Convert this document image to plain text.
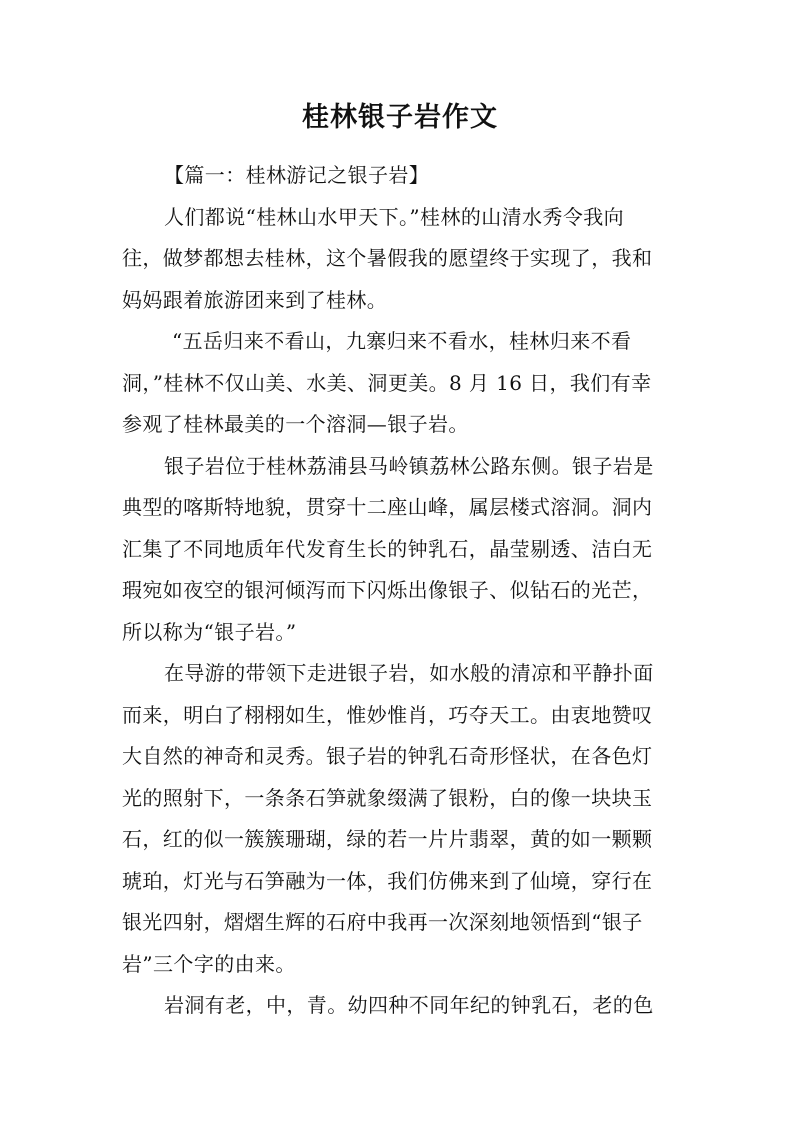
桂林银子岩作文
【篇一：桂林游记之银子岩】
人们都说“桂林山水甲天下。”桂林的山清水秀令我向
往，做梦都想去桂林，这个暑假我的愿望终于实现了，我和
妈妈跟着旅游团来到了桂林。
“五岳归来不看山，九寨归来不看水，桂林归来不看
洞，”桂林不仅山美、水美、洞更美。8 月 16 日，我们有幸
参观了桂林最美的一个溶洞—银子岩。
银子岩位于桂林荔浦县马岭镇荔林公路东侧。银子岩是
典型的喀斯特地貌，贯穿十二座山峰，属层楼式溶洞。洞内
汇集了不同地质年代发育生长的钟乳石，晶莹剔透、洁白无
瑕宛如夜空的银河倾泻而下闪烁出像银子、似钻石的光芒，
所以称为“银子岩。”
在导游的带领下走进银子岩，如水般的清凉和平静扑面
而来，明白了栩栩如生，惟妙惟肖，巧夺天工。由衷地赞叹
大自然的神奇和灵秀。银子岩的钟乳石奇形怪状，在各色灯
光的照射下，一条条石笋就象缀满了银粉，白的像一块块玉
石，红的似一簇簇珊瑚，绿的若一片片翡翠，黄的如一颗颗
琥珀，灯光与石笋融为一体，我们仿佛来到了仙境，穿行在
银光四射，熠熠生辉的石府中我再一次深刻地领悟到“银子
岩”三个字的由来。
岩洞有老，中，青。幼四种不同年纪的钟乳石，老的色
